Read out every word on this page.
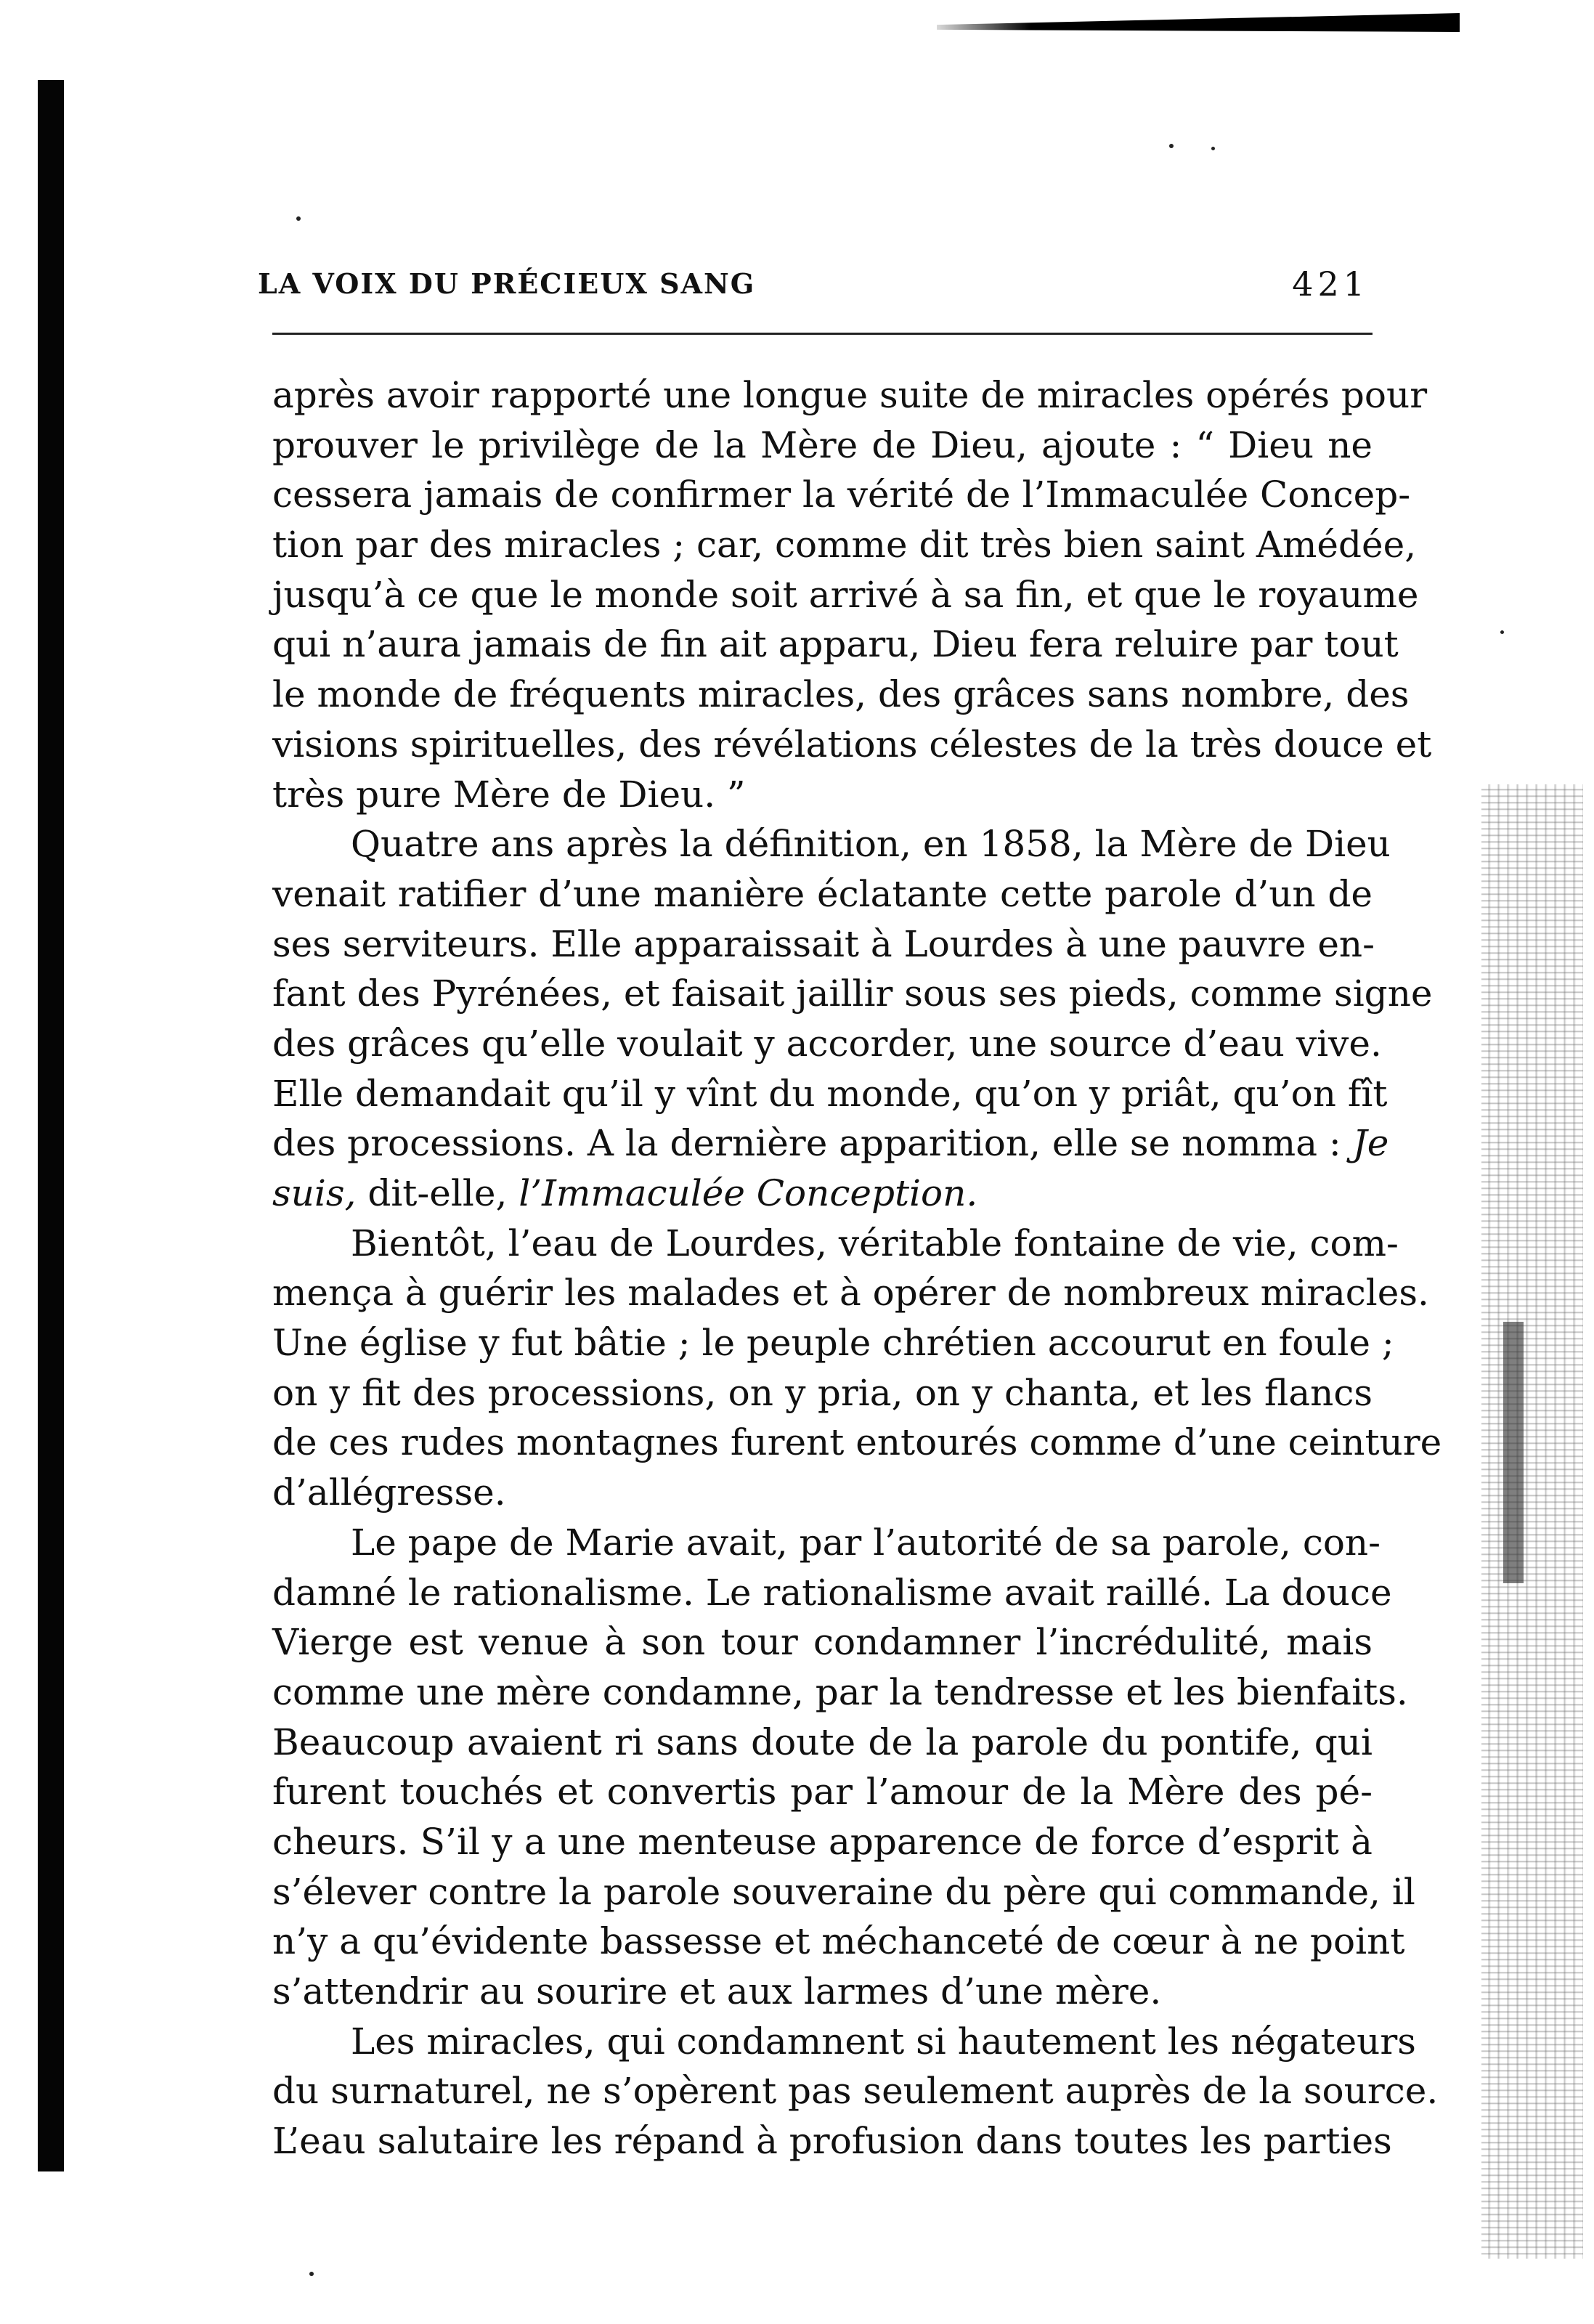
LA VOIX DU PRÉCIEUX SANG	421
après avoir rapporté une longue suite de miracles opérés pour
prouver le privilège de la Mère de Dieu, ajoute : “ Dieu ne
cessera jamais de confirmer la vérité de l’Immaculée Concep-
tion par des miracles ; car, comme dit très bien saint Amédée,
jusqu’à ce que le monde soit arrivé à sa fin, et que le royaume
qui n’aura jamais de fin ait apparu, Dieu fera reluire par tout
le monde de fréquents miracles, des grâces sans nombre, des
visions spirituelles, des révélations célestes de la très douce et
très pure Mère de Dieu. ”
Quatre ans après la définition, en 1858, la Mère de Dieu
venait ratifier d’une manière éclatante cette parole d’un de
ses serviteurs. Elle apparaissait à Lourdes à une pauvre en-
fant des Pyrénées, et faisait jaillir sous ses pieds, comme signe
des grâces qu’elle voulait y accorder, une source d’eau vive.
Elle demandait qu’il y vînt du monde, qu’on y priât, qu’on fît
des processions. A la dernière apparition, elle se nomma : Je
suis, dit-elle, l’Immaculée Conception.
Bientôt, l’eau de Lourdes, véritable fontaine de vie, com-
mença à guérir les malades et à opérer de nombreux miracles.
Une église y fut bâtie ; le peuple chrétien accourut en foule ;
on y fit des processions, on y pria, on y chanta, et les flancs
de ces rudes montagnes furent entourés comme d’une ceinture
d’allégresse.
Le pape de Marie avait, par l’autorité de sa parole, con-
damné le rationalisme. Le rationalisme avait raillé. La douce
Vierge est venue à son tour condamner l’incrédulité, mais
comme une mère condamne, par la tendresse et les bienfaits.
Beaucoup avaient ri sans doute de la parole du pontife, qui
furent touchés et convertis par l’amour de la Mère des pé-
cheurs. S’il y a une menteuse apparence de force d’esprit à
s’élever contre la parole souveraine du père qui commande, il
n’y a qu’évidente bassesse et méchanceté de cœur à ne point
s’attendrir au sourire et aux larmes d’une mère.
Les miracles, qui condamnent si hautement les négateurs
du surnaturel, ne s’opèrent pas seulement auprès de la source.
L’eau salutaire les répand à profusion dans toutes les parties
